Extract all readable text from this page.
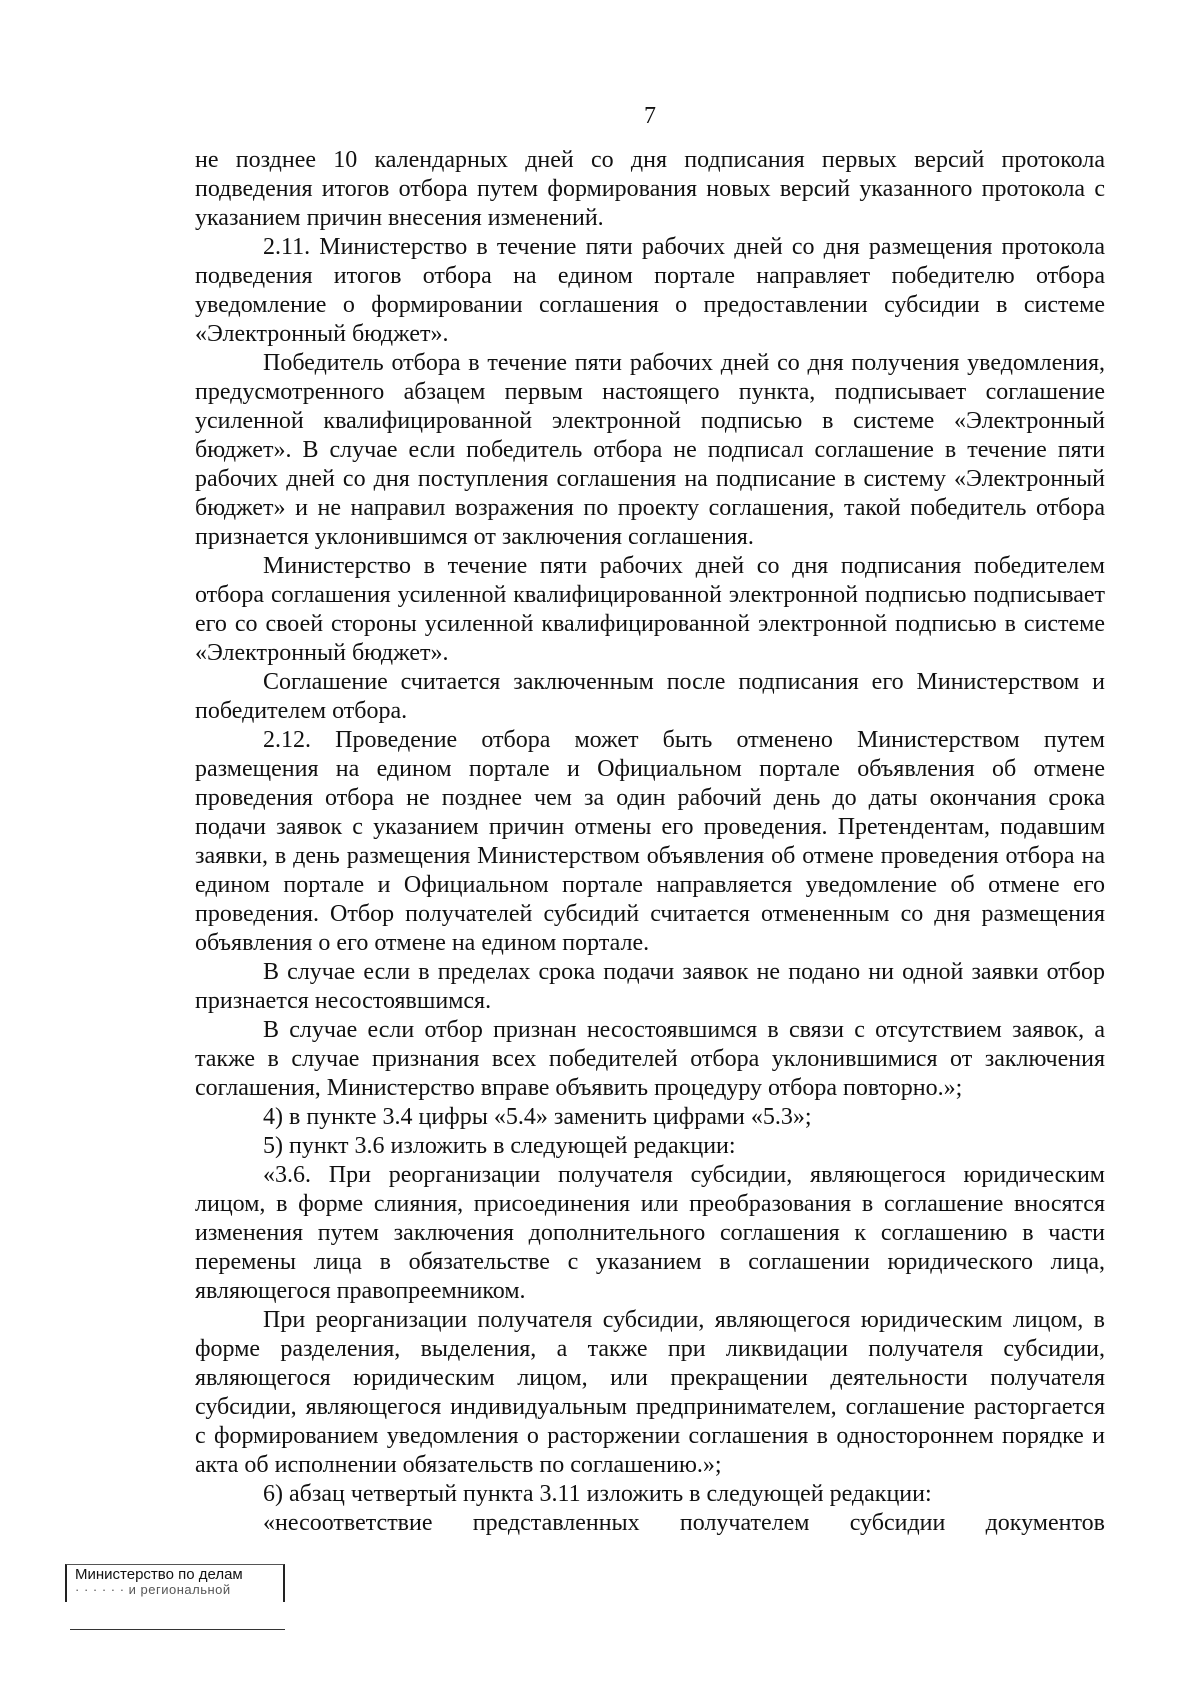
7

не позднее 10 календарных дней со дня подписания первых версий протокола подведения итогов отбора путем формирования новых версий указанного протокола с указанием причин внесения изменений.

2.11. Министерство в течение пяти рабочих дней со дня размещения протокола подведения итогов отбора на едином портале направляет победителю отбора уведомление о формировании соглашения о предоставлении субсидии в системе «Электронный бюджет».

Победитель отбора в течение пяти рабочих дней со дня получения уведомления, предусмотренного абзацем первым настоящего пункта, подписывает соглашение усиленной квалифицированной электронной подписью в системе «Электронный бюджет». В случае если победитель отбора не подписал соглашение в течение пяти рабочих дней со дня поступления соглашения на подписание в систему «Электронный бюджет» и не направил возражения по проекту соглашения, такой победитель отбора признается уклонившимся от заключения соглашения.

Министерство в течение пяти рабочих дней со дня подписания победителем отбора соглашения усиленной квалифицированной электронной подписью подписывает его со своей стороны усиленной квалифицированной электронной подписью в системе «Электронный бюджет».

Соглашение считается заключенным после подписания его Министерством и победителем отбора.

2.12. Проведение отбора может быть отменено Министерством путем размещения на едином портале и Официальном портале объявления об отмене проведения отбора не позднее чем за один рабочий день до даты окончания срока подачи заявок с указанием причин отмены его проведения. Претендентам, подавшим заявки, в день размещения Министерством объявления об отмене проведения отбора на едином портале и Официальном портале направляется уведомление об отмене его проведения. Отбор получателей субсидий считается отмененным со дня размещения объявления о его отмене на едином портале.

В случае если в пределах срока подачи заявок не подано ни одной заявки отбор признается несостоявшимся.

В случае если отбор признан несостоявшимся в связи с отсутствием заявок, а также в случае признания всех победителей отбора уклонившимися от заключения соглашения, Министерство вправе объявить процедуру отбора повторно.»;

4) в пункте 3.4 цифры «5.4» заменить цифрами «5.3»;

5) пункт 3.6 изложить в следующей редакции:

«3.6. При реорганизации получателя субсидии, являющегося юридическим лицом, в форме слияния, присоединения или преобразования в соглашение вносятся изменения путем заключения дополнительного соглашения к соглашению в части перемены лица в обязательстве с указанием в соглашении юридического лица, являющегося правопреемником.

При реорганизации получателя субсидии, являющегося юридическим лицом, в форме разделения, выделения, а также при ликвидации получателя субсидии, являющегося юридическим лицом, или прекращении деятельности получателя субсидии, являющегося индивидуальным предпринимателем, соглашение расторгается с формированием уведомления о расторжении соглашения в одностороннем порядке и акта об исполнении обязательств по соглашению.»;

6) абзац четвертый пункта 3.11 изложить в следующей редакции:

«несоответствие представленных получателем субсидии документов

Министерство по делам
· · · · · · и региональной
